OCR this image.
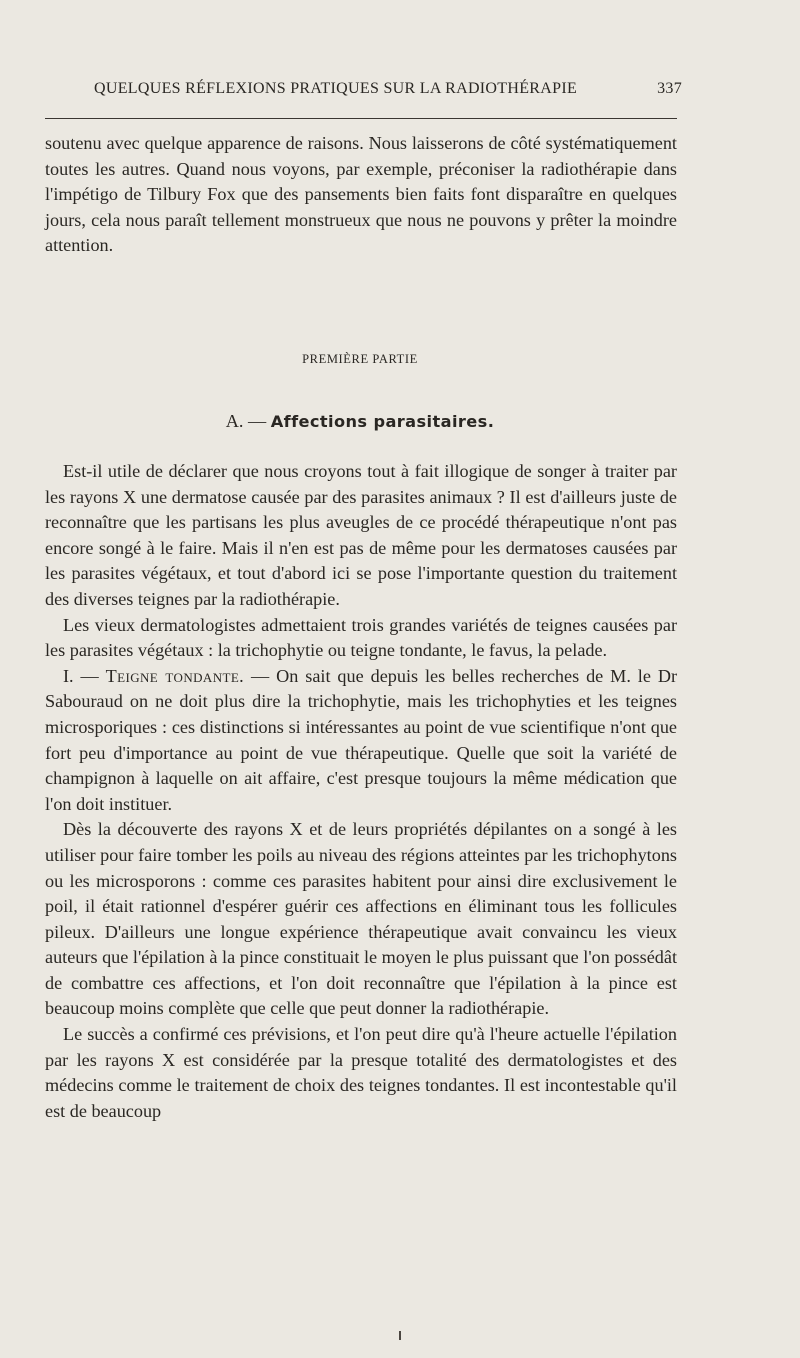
QUELQUES RÉFLEXIONS PRATIQUES SUR LA RADIOTHÉRAPIE	337

soutenu avec quelque apparence de raisons. Nous laisserons de côté systématiquement toutes les autres. Quand nous voyons, par exemple, préconiser la radiothérapie dans l'impétigo de Tilbury Fox que des pansements bien faits font disparaître en quelques jours, cela nous paraît tellement monstrueux que nous ne pouvons y prêter la moindre attention.

PREMIÈRE PARTIE
A. — Affections parasitaires.

Est-il utile de déclarer que nous croyons tout à fait illogique de songer à traiter par les rayons X une dermatose causée par des parasites animaux ? Il est d'ailleurs juste de reconnaître que les partisans les plus aveugles de ce procédé thérapeutique n'ont pas encore songé à le faire. Mais il n'en est pas de même pour les dermatoses causées par les parasites végétaux, et tout d'abord ici se pose l'importante question du traitement des diverses teignes par la radiothérapie.

Les vieux dermatologistes admettaient trois grandes variétés de teignes causées par les parasites végétaux : la trichophytie ou teigne tondante, le favus, la pelade.

I. — Teigne tondante. — On sait que depuis les belles recherches de M. le Dr Sabouraud on ne doit plus dire la trichophytie, mais les trichophyties et les teignes microsporiques : ces distinctions si intéressantes au point de vue scientifique n'ont que fort peu d'importance au point de vue thérapeutique. Quelle que soit la variété de champignon à laquelle on ait affaire, c'est presque toujours la même médication que l'on doit instituer.

Dès la découverte des rayons X et de leurs propriétés dépilantes on a songé à les utiliser pour faire tomber les poils au niveau des régions atteintes par les trichophytons ou les microsporons : comme ces parasites habitent pour ainsi dire exclusivement le poil, il était rationnel d'espérer guérir ces affections en éliminant tous les follicules pileux. D'ailleurs une longue expérience thérapeutique avait convaincu les vieux auteurs que l'épilation à la pince constituait le moyen le plus puissant que l'on possédât de combattre ces affections, et l'on doit reconnaître que l'épilation à la pince est beaucoup moins complète que celle que peut donner la radiothérapie.

Le succès a confirmé ces prévisions, et l'on peut dire qu'à l'heure actuelle l'épilation par les rayons X est considérée par la presque totalité des dermatologistes et des médecins comme le traitement de choix des teignes tondantes. Il est incontestable qu'il est de beaucoup
